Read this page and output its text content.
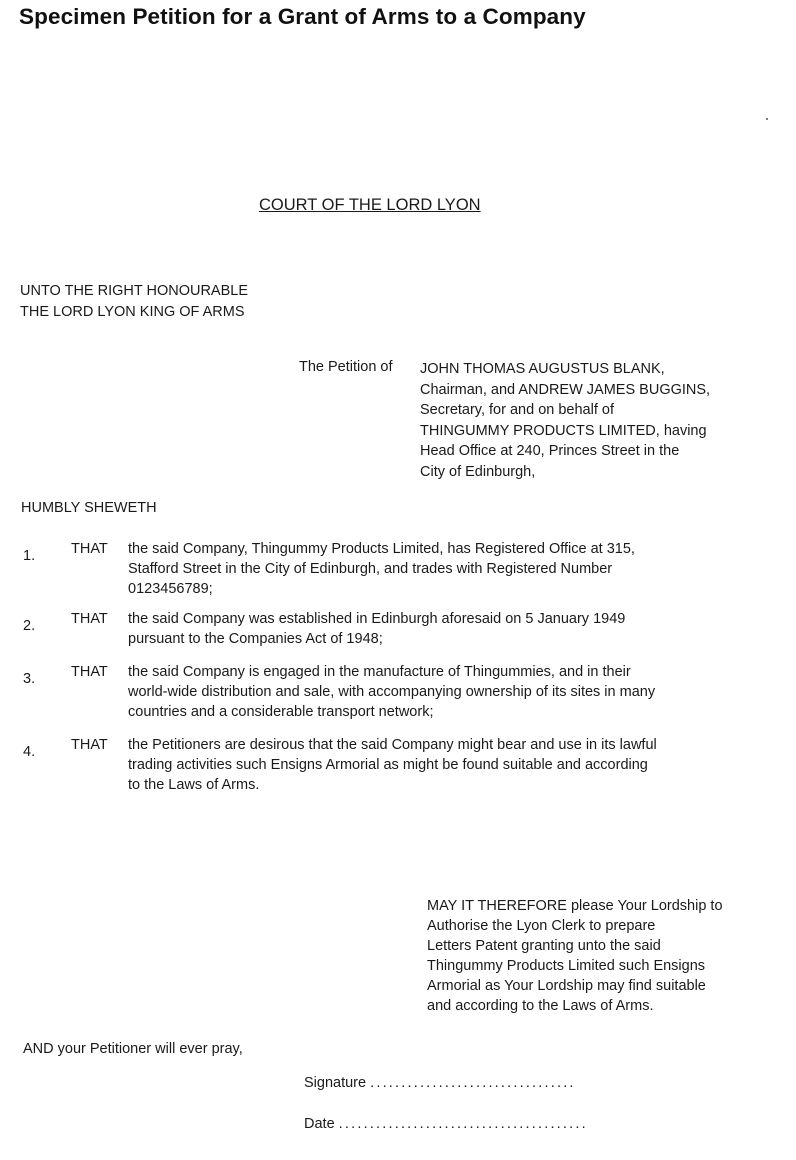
Specimen Petition for a Grant of Arms to a Company
COURT OF THE LORD LYON
UNTO THE RIGHT HONOURABLE
THE LORD LYON KING OF ARMS
The Petition of JOHN THOMAS AUGUSTUS BLANK,
Chairman, and ANDREW JAMES BUGGINS,
Secretary, for and on behalf of
THINGUMMY PRODUCTS LIMITED, having
Head Office at 240, Princes Street in the
City of Edinburgh,
HUMBLY SHEWETH
1. THAT the said Company, Thingummy Products Limited, has Registered Office at 315,
Stafford Street in the City of Edinburgh, and trades with Registered Number
0123456789;
2. THAT the said Company was established in Edinburgh aforesaid on 5 January 1949
pursuant to the Companies Act of 1948;
3. THAT the said Company is engaged in the manufacture of Thingummies, and in their
world-wide distribution and sale, with accompanying ownership of its sites in many
countries and a considerable transport network;
4. THAT the Petitioners are desirous that the said Company might bear and use in its lawful
trading activities such Ensigns Armorial as might be found suitable and according
to the Laws of Arms.
MAY IT THEREFORE please Your Lordship to
Authorise the Lyon Clerk to prepare
Letters Patent granting unto the said
Thingummy Products Limited such Ensigns
Armorial as Your Lordship may find suitable
and according to the Laws of Arms.
AND your Petitioner will ever pray,
Signature .................................
Date ........................................
